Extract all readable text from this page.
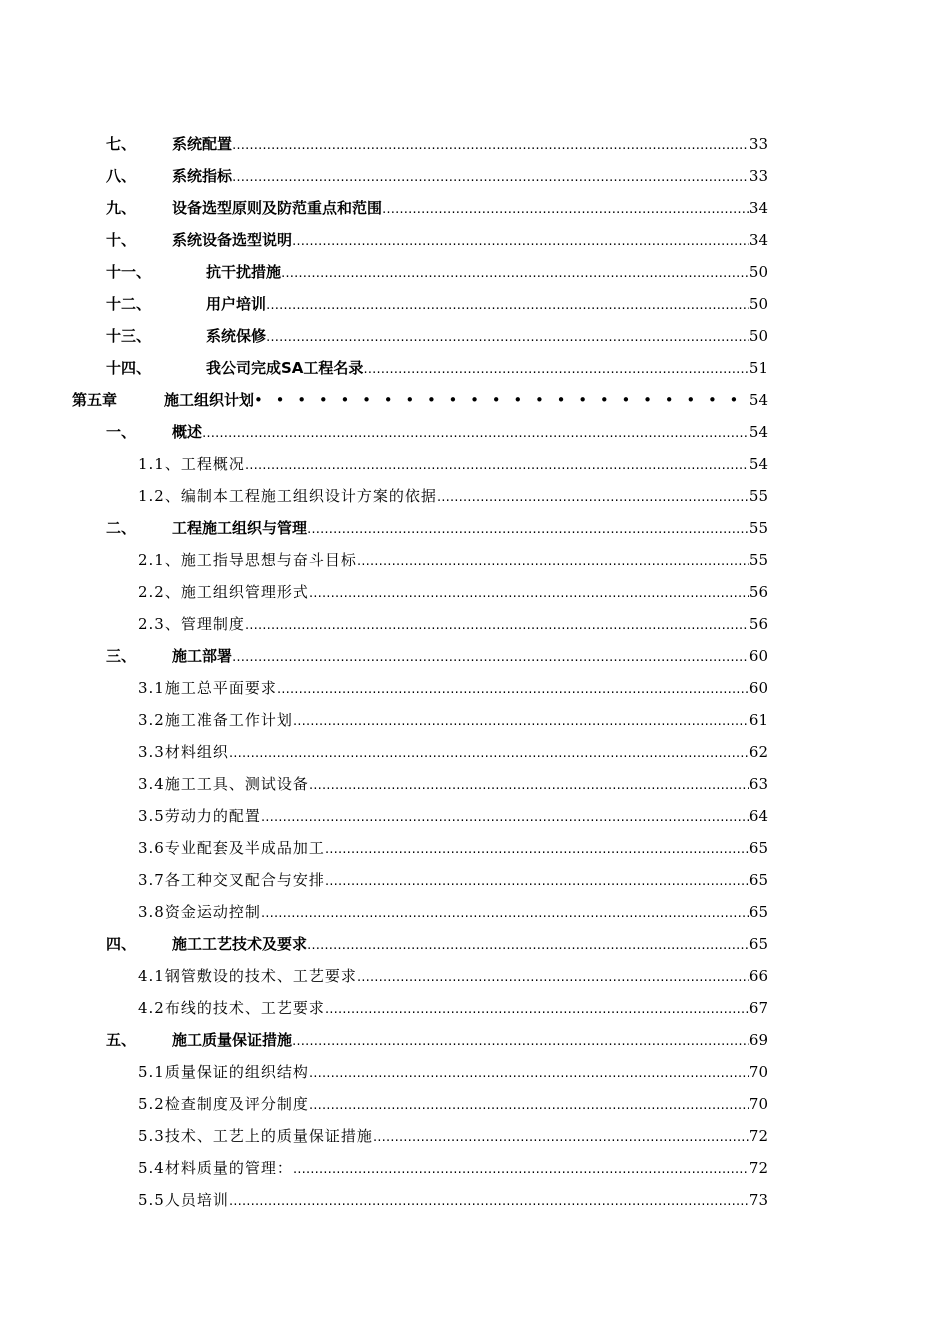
七、 系统配置 ……………………………………………………………………………………………………………………………………………………………………………………………………………………	33
八、 系统指标 ……………………………………………………………………………………………………………………………………………………………………………………………………………………	33
九、 设备选型原则及防范重点和范围 ……………………………………………………………………………………………………………………………………………………………………………………………………………………	34
十、 系统设备选型说明 ……………………………………………………………………………………………………………………………………………………………………………………………………………………	34
十一、	抗干扰措施 ……………………………………………………………………………………………………………………………………………………………………………………………………………………	50
十二、	用户培训 ……………………………………………………………………………………………………………………………………………………………………………………………………………………	50
十三、	系统保修 ……………………………………………………………………………………………………………………………………………………………………………………………………………………	50
十四、	我公司完成SA工程名录 ……………………………………………………………………………………………………………………………………………………………………………………………………………………	51
第五章	施工组织计划 • • •	54
一、 概述 ……………………………………………………………………………………………………………………………………………………………………………………………………………………	54
1.1、工程概况 ……………………………………………………………………………………………………………………………………………………………………………………………………………………	54
1.2、编制本工程施工组织设计方案的依据 ……………………………………………………………………………………………………………………………………………………………………………………………………………………	55
二、 工程施工组织与管理 ……………………………………………………………………………………………………………………………………………………………………………………………………………………	55
2.1、施工指导思想与奋斗目标 ……………………………………………………………………………………………………………………………………………………………………………………………………………………	55
2.2、施工组织管理形式 ……………………………………………………………………………………………………………………………………………………………………………………………………………………	56
2.3、管理制度 ……………………………………………………………………………………………………………………………………………………………………………………………………………………	56
三、 施工部署 ……………………………………………………………………………………………………………………………………………………………………………………………………………………	60
3.1施工总平面要求 ……………………………………………………………………………………………………………………………………………………………………………………………………………………	60
3.2施工准备工作计划 ……………………………………………………………………………………………………………………………………………………………………………………………………………………	61
3.3材料组织 ……………………………………………………………………………………………………………………………………………………………………………………………………………………	62
3.4施工工具、测试设备 ……………………………………………………………………………………………………………………………………………………………………………………………………………………	63
3.5劳动力的配置 ……………………………………………………………………………………………………………………………………………………………………………………………………………………	64
3.6专业配套及半成品加工 ……………………………………………………………………………………………………………………………………………………………………………………………………………………	65
3.7各工种交叉配合与安排 ……………………………………………………………………………………………………………………………………………………………………………………………………………………	65
3.8资金运动控制 ……………………………………………………………………………………………………………………………………………………………………………………………………………………	65
四、 施工工艺技术及要求 ……………………………………………………………………………………………………………………………………………………………………………………………………………………	65
4.1钢管敷设的技术、工艺要求 ……………………………………………………………………………………………………………………………………………………………………………………………………………………	66
4.2布线的技术、工艺要求 ……………………………………………………………………………………………………………………………………………………………………………………………………………………	67
五、 施工质量保证措施 ……………………………………………………………………………………………………………………………………………………………………………………………………………………	69
5.1质量保证的组织结构 ……………………………………………………………………………………………………………………………………………………………………………………………………………………	70
5.2检查制度及评分制度 ……………………………………………………………………………………………………………………………………………………………………………………………………………………	70
5.3技术、工艺上的质量保证措施 ……………………………………………………………………………………………………………………………………………………………………………………………………………………	72
5.4材料质量的管理： ……………………………………………………………………………………………………………………………………………………………………………………………………………………	72
5.5人员培训 ……………………………………………………………………………………………………………………………………………………………………………………………………………………	73
